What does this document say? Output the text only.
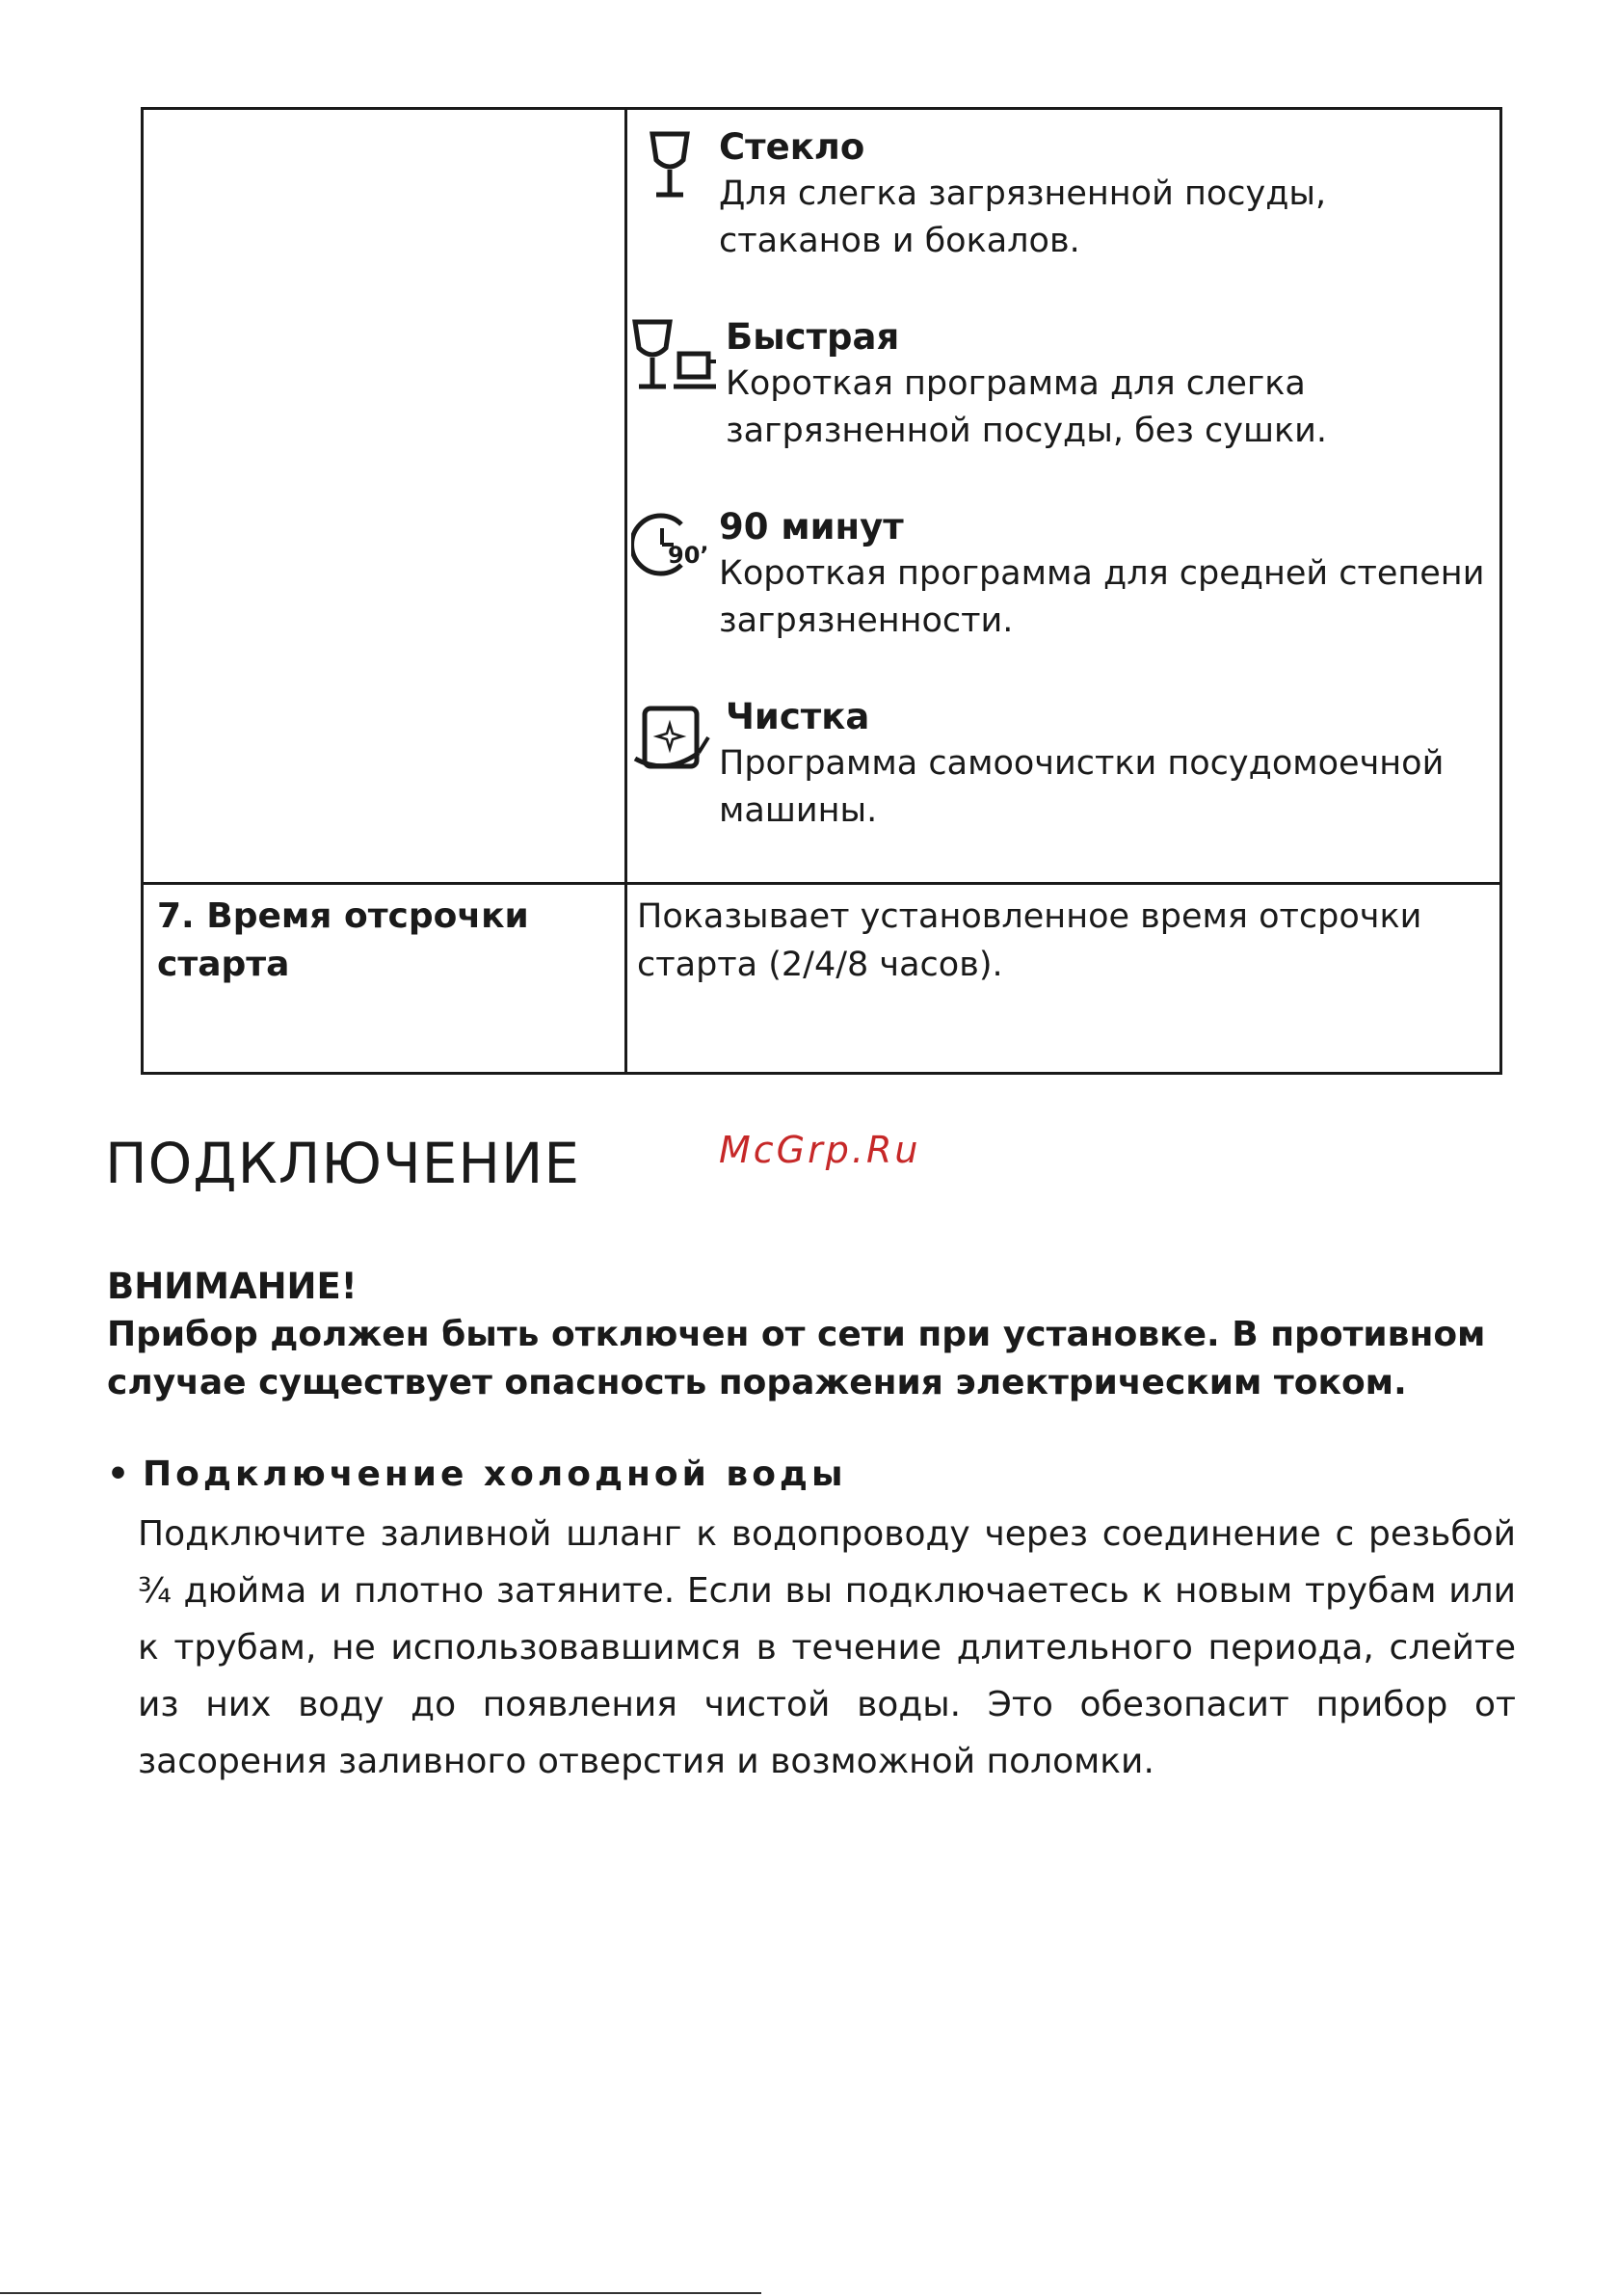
Стекло
Для слегка загрязненной посуды, стаканов и бокалов.
Быстрая
Короткая программа для слегка загрязненной посуды, без сушки.
90’
90 минут
Короткая программа для средней степени загрязненности.
Чистка
Программа самоочистки посудомоечной машины.
7. Время отсрочки старта
Показывает установленное время отсрочки старта (2/4/8 часов).
ПОДКЛЮЧЕНИЕ	McGrp.Ru
ВНИМАНИЕ!
Прибор должен быть отключен от сети при установке. В противном случае существует опасность поражения электрическим током.
• Подключение холодной воды
Подключите заливной шланг к водопроводу через соединение с резьбой ¾ дюйма и плотно затяните. Если вы подключаетесь к новым трубам или к трубам, не использовавшимся в течение длительного периода, слейте из них воду до появления чистой воды. Это обезопасит прибор от засорения заливного отверстия и возможной поломки.
